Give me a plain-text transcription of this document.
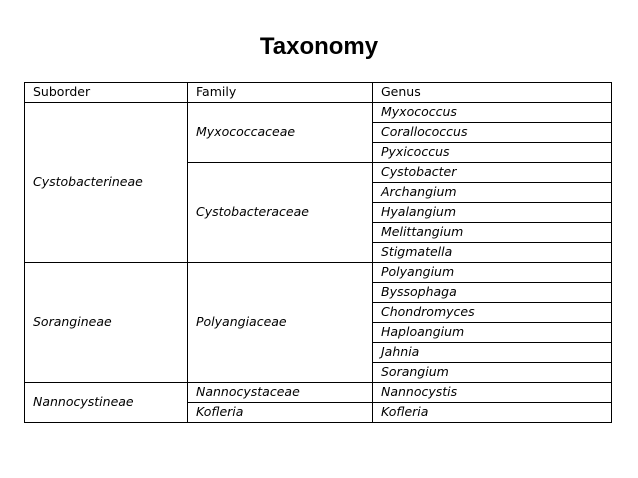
Taxonomy
Suborder	Family	Genus
Cystobacterineae	Myxococcaceae	Myxococcus
		Corallococcus
		Pyxicoccus
	Cystobacteraceae	Cystobacter
		Archangium
		Hyalangium
		Melittangium
		Stigmatella
Sorangineae	Polyangiaceae	Polyangium
		Byssophaga
		Chondromyces
		Haploangium
		Jahnia
		Sorangium
Nannocystineae	Nannocystaceae	Nannocystis
	Kofleria	Kofleria
